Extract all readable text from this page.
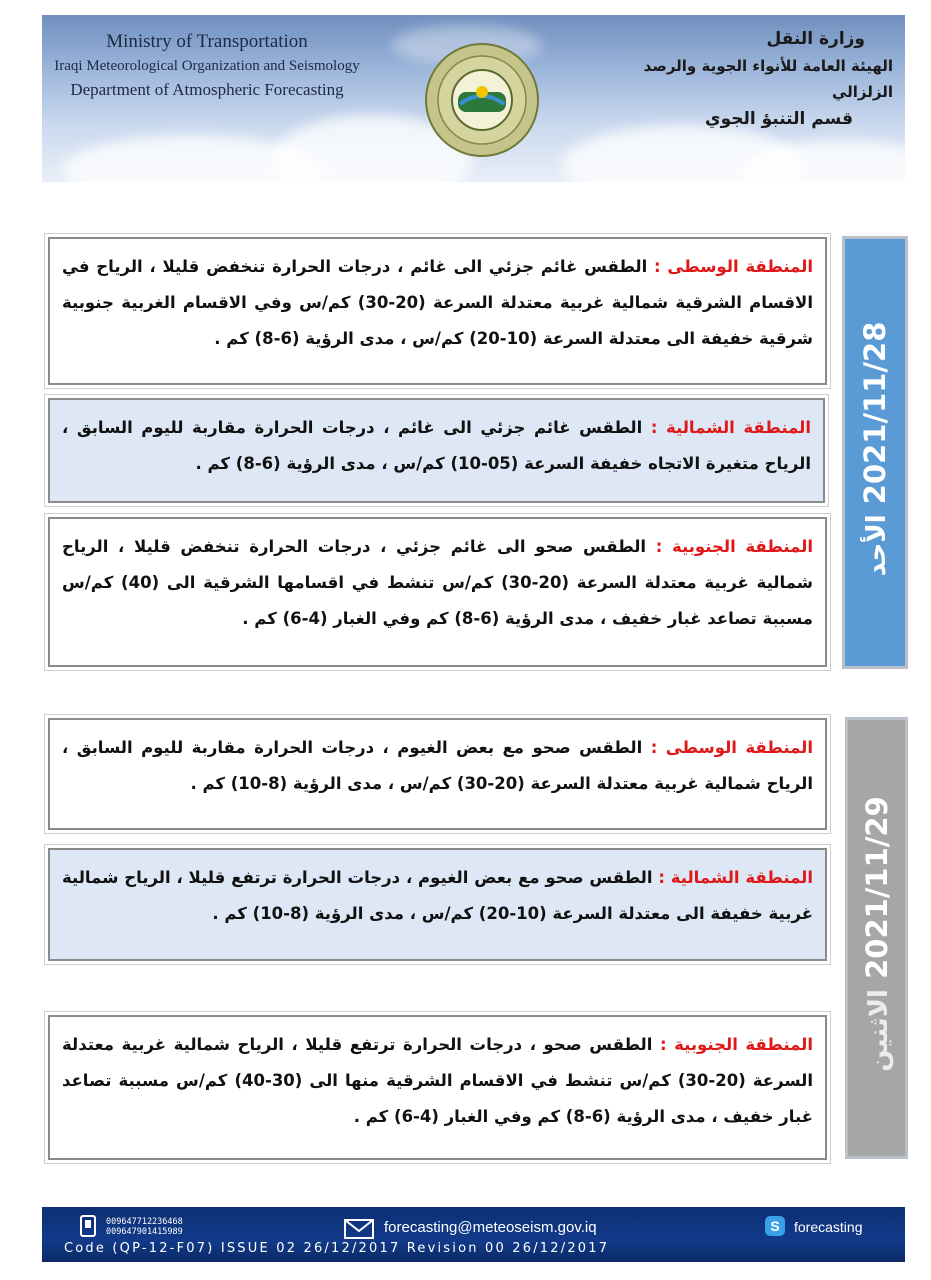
Ministry of Transportation
Iraqi Meteorological Organization and Seismology
Department of Atmospheric Forecasting
وزارة النقل
الهيئة العامة للأنواء الجوية والرصد الزلزالي
قسم التنبؤ الجوي
2021/11/28 الأحد
المنطقة الوسطى : الطقس غائم جزئي الى غائم ، درجات الحرارة تنخفض قليلا ، الرياح في الاقسام الشرقية شمالية غربية معتدلة السرعة (20-30) كم/س وفي الاقسام الغربية جنوبية شرقية خفيفة الى معتدلة السرعة (10-20) كم/س ، مدى الرؤية (6-8) كم .
المنطقة الشمالية : الطقس غائم جزئي الى غائم ، درجات الحرارة مقاربة لليوم السابق ، الرياح متغيرة الاتجاه خفيفة السرعة (05-10) كم/س ، مدى الرؤية (6-8) كم .
المنطقة الجنوبية : الطقس صحو الى غائم جزئي ، درجات الحرارة تنخفض قليلا ، الرياح شمالية غربية معتدلة السرعة (20-30) كم/س تنشط في اقسامها الشرقية الى (40) كم/س مسببة تصاعد غبار خفيف ، مدى الرؤية (6-8) كم وفي الغبار (4-6) كم .
2021/11/29 الاثنين
المنطقة الوسطى : الطقس صحو مع بعض الغيوم ، درجات الحرارة مقاربة لليوم السابق ، الرياح شمالية غربية معتدلة السرعة (20-30) كم/س ، مدى الرؤية (8-10) كم .
المنطقة الشمالية : الطقس صحو مع بعض الغيوم ، درجات الحرارة ترتفع قليلا ، الرياح شمالية غربية خفيفة الى معتدلة السرعة (10-20) كم/س ، مدى الرؤية (8-10) كم .
المنطقة الجنوبية : الطقس صحو ، درجات الحرارة ترتفع قليلا ، الرياح شمالية غربية معتدلة السرعة (20-30) كم/س تنشط في الاقسام الشرقية منها الى (30-40) كم/س مسببة تصاعد غبار خفيف ، مدى الرؤية (6-8) كم وفي الغبار (4-6) كم .
009647712236468
009647901415989	forecasting@meteoseism.gov.iq	S	forecasting
Code (QP-12-F07) ISSUE 02 26/12/2017 Revision 00 26/12/2017
